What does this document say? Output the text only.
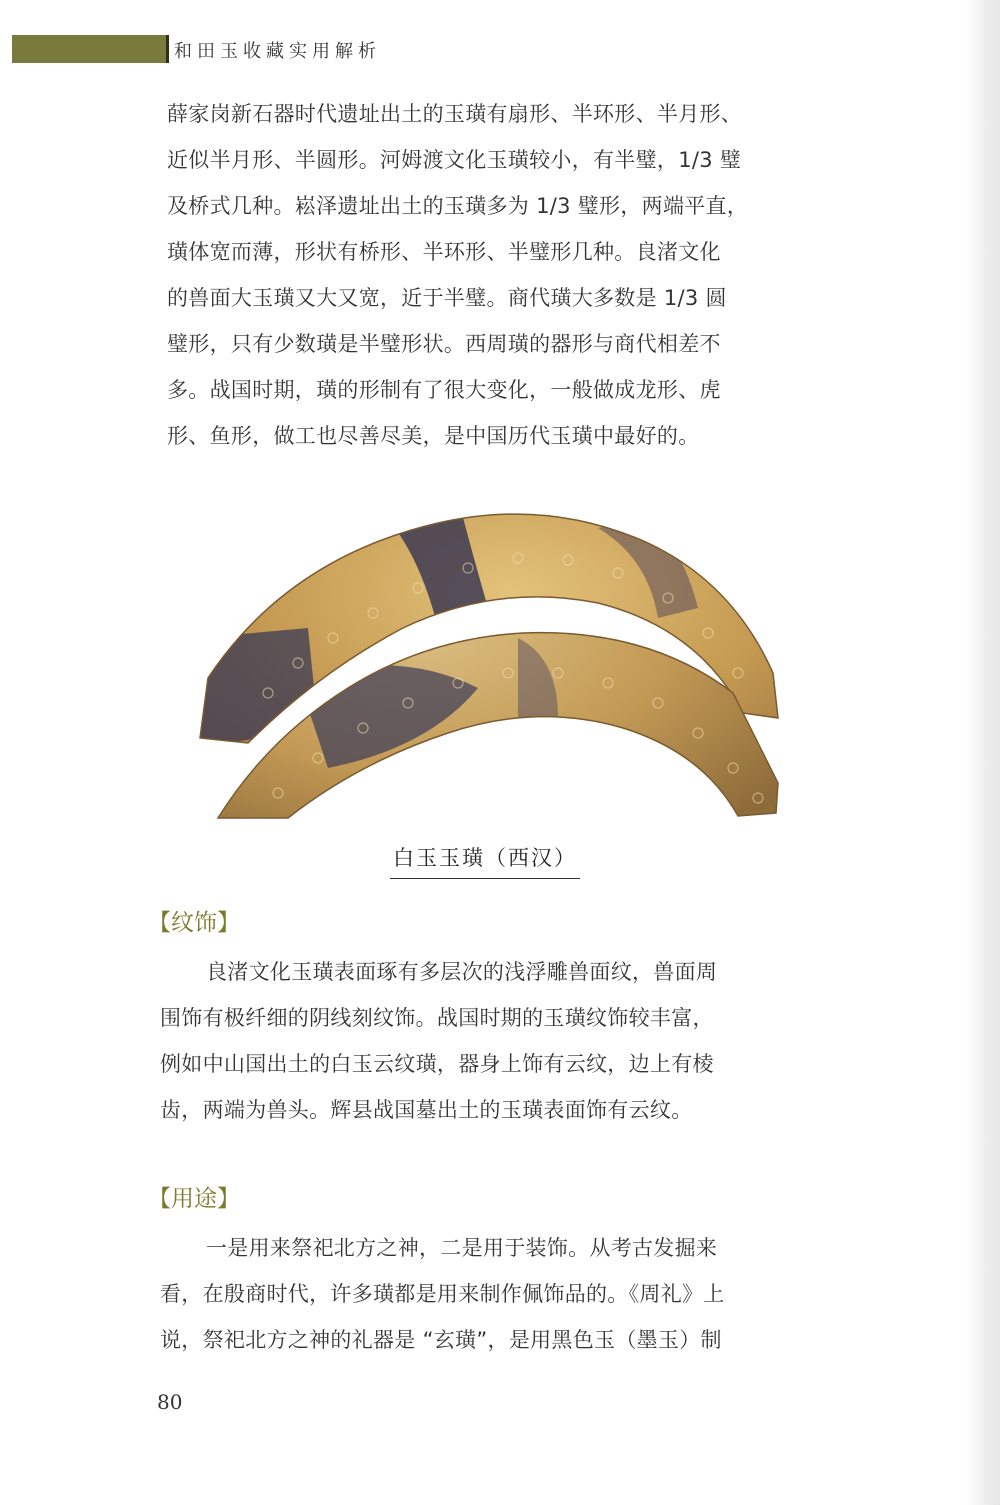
和田玉收藏实用解析
薛家岗新石器时代遗址出土的玉璜有扇形、半环形、半月形、
近似半月形、半圆形。河姆渡文化玉璜较小，有半璧，1/3 璧
及桥式几种。崧泽遗址出土的玉璜多为 1/3 璧形，两端平直，
璜体宽而薄，形状有桥形、半环形、半璧形几种。良渚文化
的兽面大玉璜又大又宽，近于半璧。商代璜大多数是 1/3 圆
璧形，只有少数璜是半璧形状。西周璜的器形与商代相差不
多。战国时期，璜的形制有了很大变化，一般做成龙形、虎
形、鱼形，做工也尽善尽美，是中国历代玉璜中最好的。
白玉玉璜（西汉）
【纹饰】
良渚文化玉璜表面琢有多层次的浅浮雕兽面纹，兽面周
围饰有极纤细的阴线刻纹饰。战国时期的玉璜纹饰较丰富，
例如中山国出土的白玉云纹璜，器身上饰有云纹，边上有棱
齿，两端为兽头。辉县战国墓出土的玉璜表面饰有云纹。
【用途】
一是用来祭祀北方之神，二是用于装饰。从考古发掘来
看，在殷商时代，许多璜都是用来制作佩饰品的。《周礼》上
说，祭祀北方之神的礼器是 “玄璜”，是用黑色玉（墨玉）制
80
